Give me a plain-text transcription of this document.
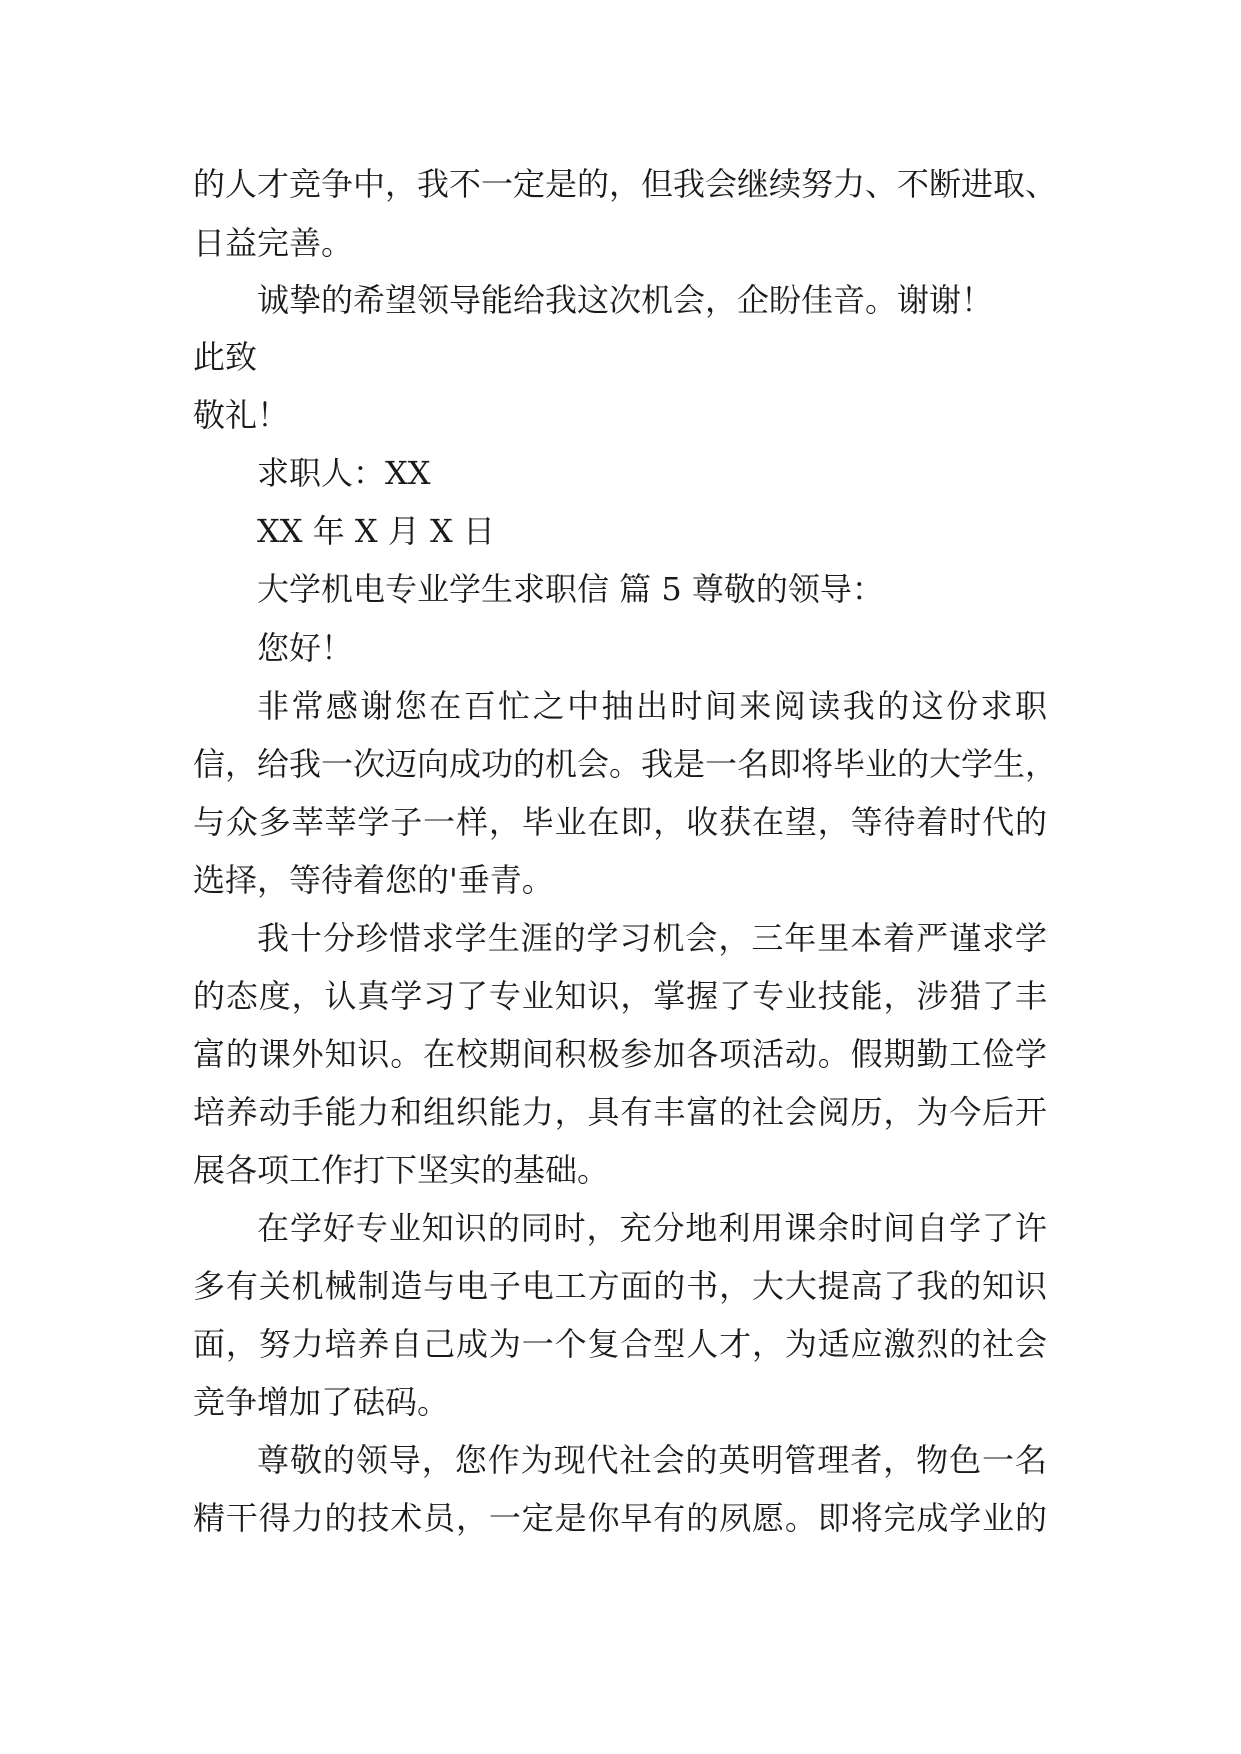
的人才竞争中，我不一定是的，但我会继续努力、不断进取、

日益完善。

诚挚的希望领导能给我这次机会，企盼佳音。谢谢！

此致

敬礼！

求职人：XX

XX 年 X 月 X 日

大学机电专业学生求职信 篇 5 尊敬的领导：

您好！

非常感谢您在百忙之中抽出时间来阅读我的这份求职

信，给我一次迈向成功的机会。我是一名即将毕业的大学生，

与众多莘莘学子一样，毕业在即，收获在望，等待着时代的

选择，等待着您的'垂青。

我十分珍惜求学生涯的学习机会，三年里本着严谨求学

的态度，认真学习了专业知识，掌握了专业技能，涉猎了丰

富的课外知识。在校期间积极参加各项活动。假期勤工俭学

培养动手能力和组织能力，具有丰富的社会阅历，为今后开

展各项工作打下坚实的基础。

在学好专业知识的同时，充分地利用课余时间自学了许

多有关机械制造与电子电工方面的书，大大提高了我的知识

面，努力培养自己成为一个复合型人才，为适应激烈的社会

竞争增加了砝码。

尊敬的领导，您作为现代社会的英明管理者，物色一名

精干得力的技术员，一定是你早有的夙愿。即将完成学业的
